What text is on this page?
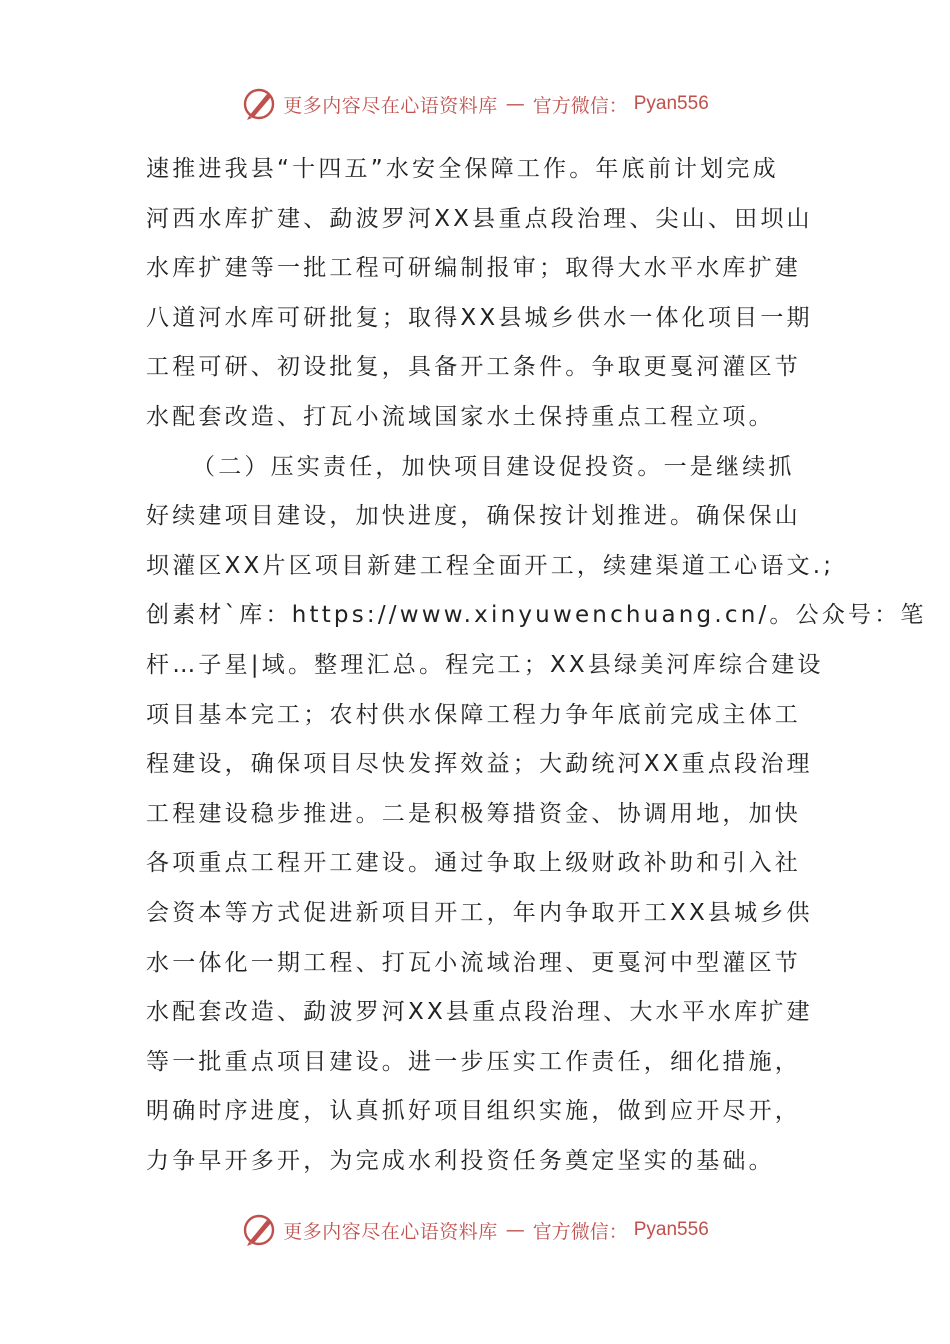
更多内容尽在心语资料库 — 官方微信： Pyan556
速推进我县“十四五”水安全保障工作。年底前计划完成
河西水库扩建、勐波罗河XX县重点段治理、尖山、田坝山
水库扩建等一批工程可研编制报审；取得大水平水库扩建
八道河水库可研批复；取得XX县城乡供水一体化项目一期
工程可研、初设批复，具备开工条件。争取更戛河灌区节
水配套改造、打瓦小流域国家水土保持重点工程立项。
（二）压实责任，加快项目建设促投资。一是继续抓
好续建项目建设，加快进度，确保按计划推进。确保保山
坝灌区XX片区项目新建工程全面开工，续建渠道工心语文.;
创素材`库：https://www.xinyuwenchuang.cn/。公众号：笔
杆…子星|域。整理汇总。程完工；XX县绿美河库综合建设
项目基本完工；农村供水保障工程力争年底前完成主体工
程建设，确保项目尽快发挥效益；大勐统河XX重点段治理
工程建设稳步推进。二是积极筹措资金、协调用地，加快
各项重点工程开工建设。通过争取上级财政补助和引入社
会资本等方式促进新项目开工，年内争取开工XX县城乡供
水一体化一期工程、打瓦小流域治理、更戛河中型灌区节
水配套改造、勐波罗河XX县重点段治理、大水平水库扩建
等一批重点项目建设。进一步压实工作责任，细化措施，
明确时序进度，认真抓好项目组织实施，做到应开尽开，
力争早开多开，为完成水利投资任务奠定坚实的基础。
更多内容尽在心语资料库 — 官方微信： Pyan556
